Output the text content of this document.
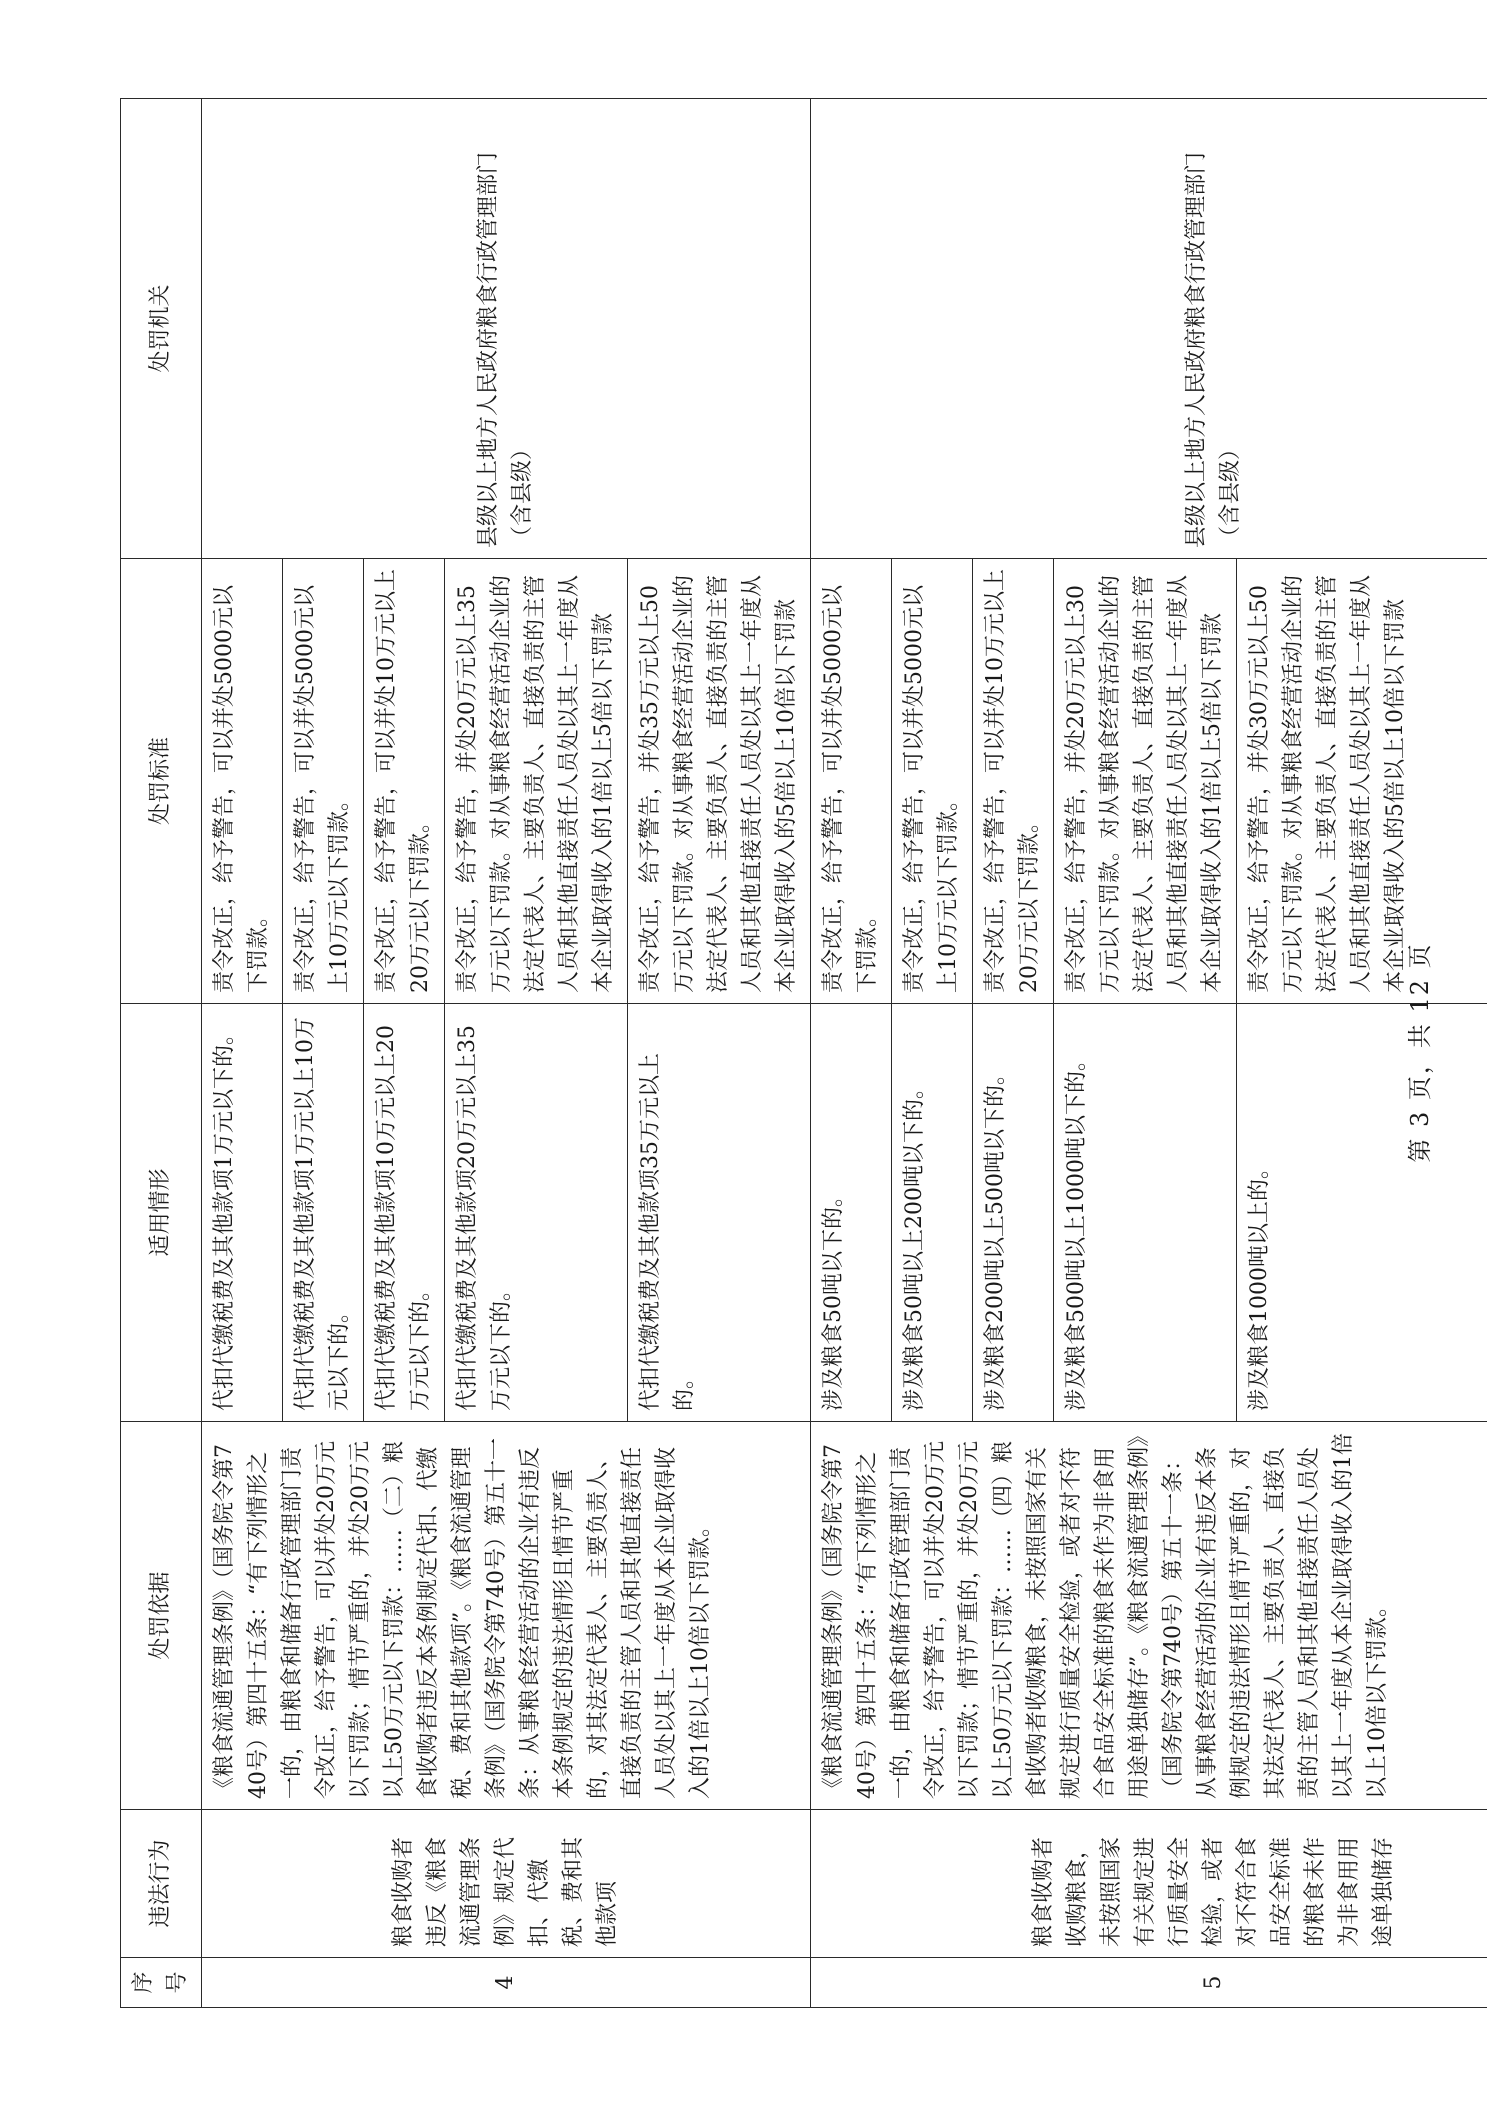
序号	违法行为	处罚依据	适用情形	处罚标准	处罚机关
4	粮食收购者违反《粮食流通管理条例》规定代扣、代缴税、费和其他款项	《粮食流通管理条例》（国务院令第740号）第四十五条：“有下列情形之一的，由粮食和储备行政管理部门责令改正，给予警告，可以并处20万元以下罚款；情节严重的，并处20万元以上50万元以下罚款：……（二）粮食收购者违反本条例规定代扣、代缴税、费和其他款项”。《粮食流通管理条例》（国务院令第740号）第五十一条：从事粮食经营活动的企业有违反本条例规定的违法情形且情节严重的，对其法定代表人、主要负责人、直接负责的主管人员和其他直接责任人员处以其上一年度从本企业取得收入的1倍以上10倍以下罚款。	代扣代缴税费及其他款项1万元以下的。	责令改正，给予警告，可以并处5000元以下罚款。	县级以上地方人民政府粮食行政管理部门（含县级）
			代扣代缴税费及其他款项1万元以上10万元以下的。	责令改正，给予警告，可以并处5000元以上10万元以下罚款。	
			代扣代缴税费及其他款项10万元以上20万元以下的。	责令改正，给予警告，可以并处10万元以上20万元以下罚款。	
			代扣代缴税费及其他款项20万元以上35万元以下的。	责令改正，给予警告，并处20万元以上35万元以下罚款。对从事粮食经营活动企业的法定代表人、主要负责人、直接负责的主管人员和其他直接责任人员处以其上一年度从本企业取得收入的1倍以上5倍以下罚款	
			代扣代缴税费及其他款项35万元以上的。	责令改正，给予警告，并处35万元以上50万元以下罚款。对从事粮食经营活动企业的法定代表人、主要负责人、直接负责的主管人员和其他直接责任人员处以其上一年度从本企业取得收入的5倍以上10倍以下罚款	
5	粮食收购者收购粮食，未按照国家有关规定进行质量安全检验，或者对不符合食品安全标准的粮食未作为非食用用途单独储存	《粮食流通管理条例》（国务院令第740号）第四十五条：“有下列情形之一的，由粮食和储备行政管理部门责令改正，给予警告，可以并处20万元以下罚款；情节严重的，并处20万元以上50万元以下罚款：……（四）粮食收购者收购粮食，未按照国家有关规定进行质量安全检验，或者对不符合食品安全标准的粮食未作为非食用用途单独储存”。《粮食流通管理条例》（国务院令第740号）第五十一条：从事粮食经营活动的企业有违反本条例规定的违法情形且情节严重的，对其法定代表人、主要负责人、直接负责的主管人员和其他直接责任人员处以其上一年度从本企业取得收入的1倍以上10倍以下罚款。	涉及粮食50吨以下的。	责令改正，给予警告，可以并处5000元以下罚款。	县级以上地方人民政府粮食行政管理部门（含县级）
			涉及粮食50吨以上200吨以下的。	责令改正，给予警告，可以并处5000元以上10万元以下罚款。	
			涉及粮食200吨以上500吨以下的。	责令改正，给予警告，可以并处10万元以上20万元以下罚款。	
			涉及粮食500吨以上1000吨以下的。	责令改正，给予警告，并处20万元以上30万元以下罚款。对从事粮食经营活动企业的法定代表人、主要负责人、直接负责的主管人员和其他直接责任人员处以其上一年度从本企业取得收入的1倍以上5倍以下罚款	
			涉及粮食1000吨以上的。	责令改正，给予警告，并处30万元以上50万元以下罚款。对从事粮食经营活动企业的法定代表人、主要负责人、直接负责的主管人员和其他直接责任人员处以其上一年度从本企业取得收入的5倍以上10倍以下罚款	
第 3 页，共 12 页
